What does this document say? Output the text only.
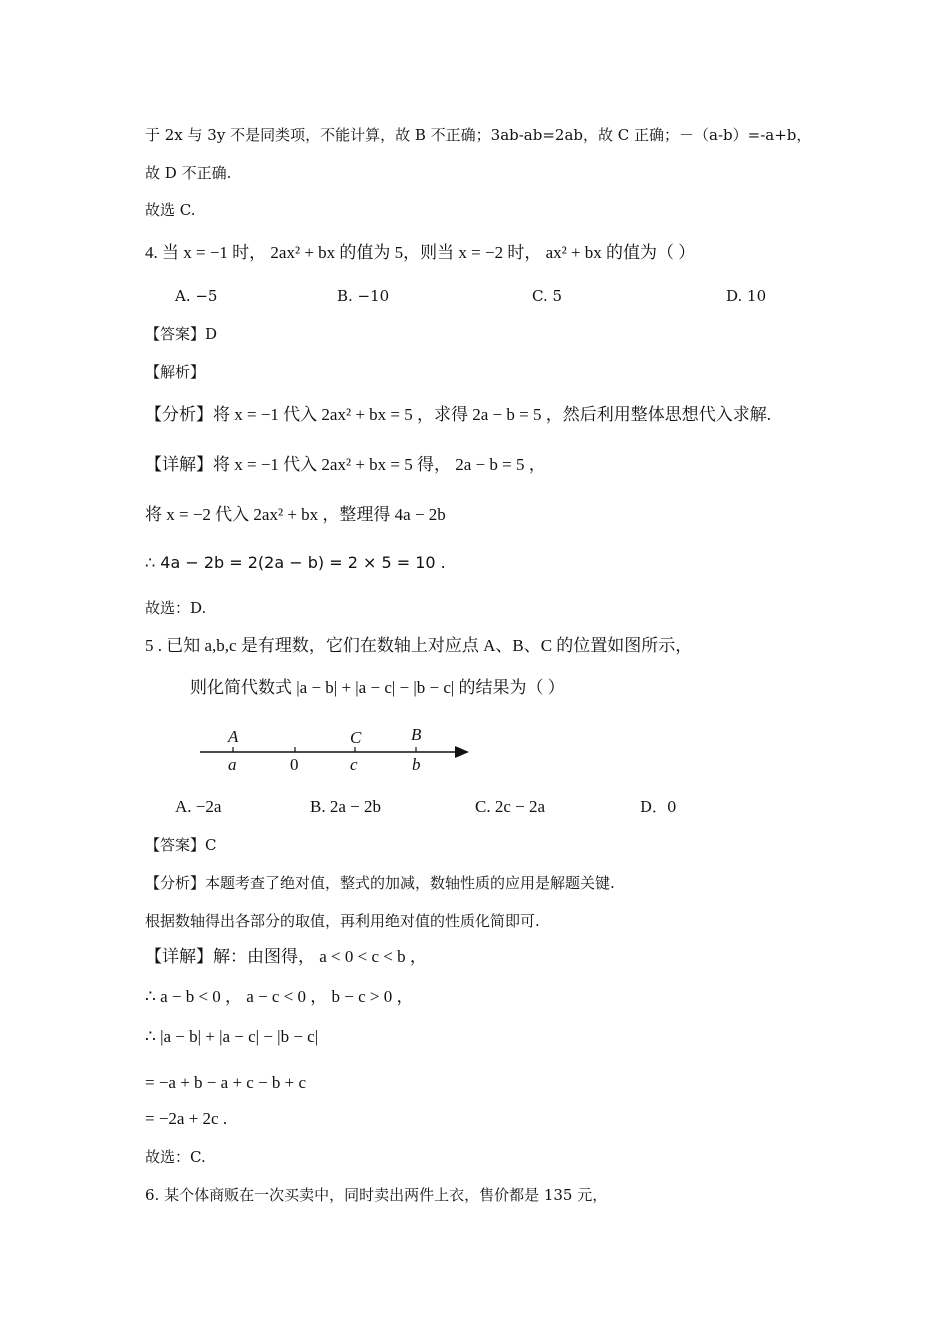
于 2x 与 3y 不是同类项，不能计算，故 B 不正确；3ab-ab=2ab，故 C 正确；－（a-b）=-a+b，
故 D 不正确.
故选 C.
4. 当 x = −1 时， 2ax² + bx 的值为 5，则当 x = −2 时， ax² + bx 的值为（ ）
A. −5	B. −10	C. 5	D. 10
【答案】D
【解析】
【分析】将 x = −1 代入 2ax² + bx = 5 ，求得 2a − b = 5 ，然后利用整体思想代入求解.
【详解】将 x = −1 代入 2ax² + bx = 5 得， 2a − b = 5 ，
将 x = −2 代入 2ax² + bx ，整理得 4a − 2b
∴ 4a − 2b = 2(2a − b) = 2 × 5 = 10 .
故选：D.
5 . 已知 a,b,c 是有理数，它们在数轴上对应点 A、B、C 的位置如图所示，
则化简代数式 |a − b| + |a − c| − |b − c| 的结果为（ ）
A	C	B
a	0	c	b
A. −2a	B. 2a − 2b	C. 2c − 2a	D．0
【答案】C
【分析】本题考查了绝对值，整式的加减，数轴性质的应用是解题关键.
根据数轴得出各部分的取值，再利用绝对值的性质化简即可.
【详解】解：由图得， a < 0 < c < b ，
∴ a − b < 0 ， a − c < 0 ， b − c > 0 ，
∴ |a − b| + |a − c| − |b − c|
= −a + b − a + c − b + c
= −2a + 2c .
故选：C.
6. 某个体商贩在一次买卖中，同时卖出两件上衣，售价都是 135 元，
